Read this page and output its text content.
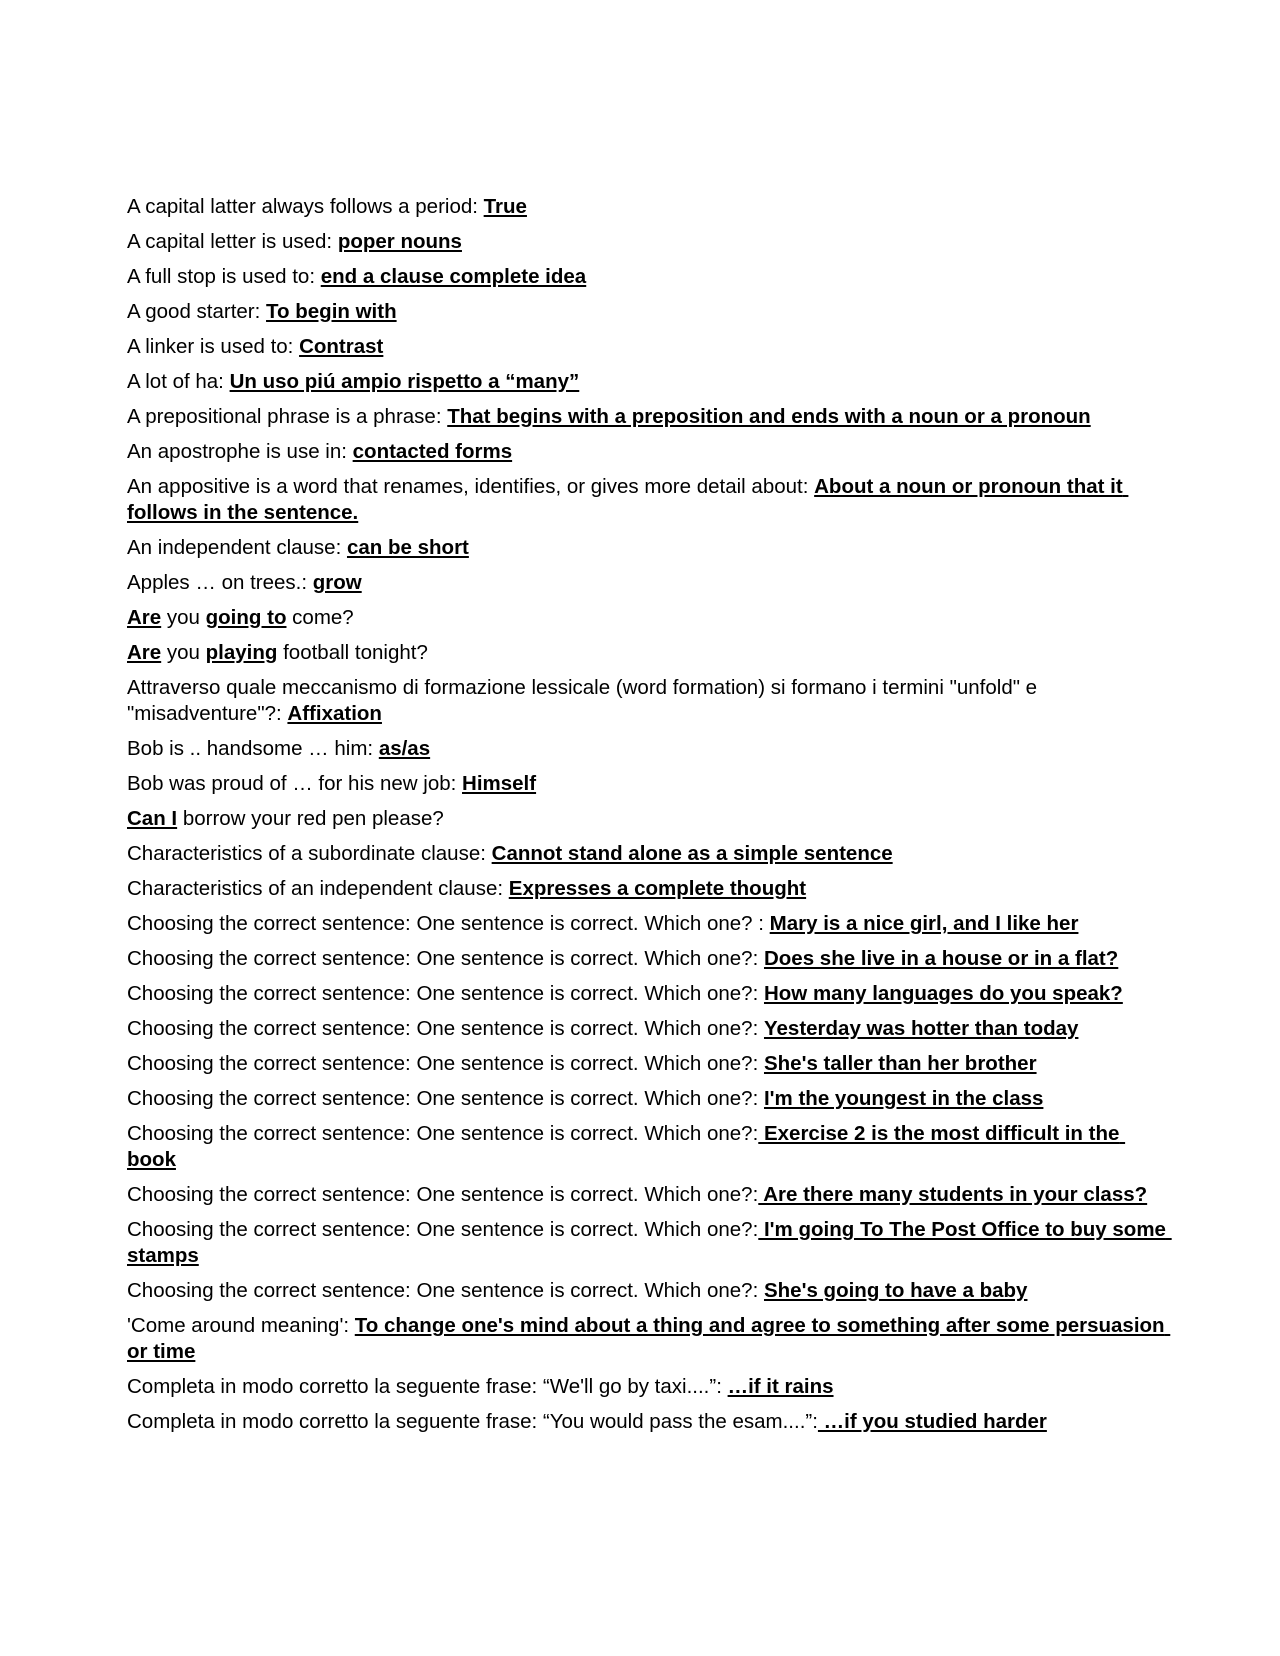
A capital latter always follows a period: True

A capital letter is used: poper nouns

A full stop is used to: end a clause complete idea

A good starter: To begin with

A linker is used to: Contrast

A lot of ha: Un uso piú ampio rispetto a “many”

A prepositional phrase is a phrase: That begins with a preposition and ends with a noun or a pronoun

An apostrophe is use in: contacted forms

An appositive is a word that renames, identifies, or gives more detail about: About a noun or pronoun that it follows in the sentence.

An independent clause: can be short

Apples … on trees.: grow

Are you going to come?

Are you playing football tonight?

Attraverso quale meccanismo di formazione lessicale (word formation) si formano i termini "unfold" e "misadventure"?: Affixation

Bob is .. handsome … him: as/as

Bob was proud of … for his new job: Himself

Can I borrow your red pen please?

Characteristics of a subordinate clause: Cannot stand alone as a simple sentence

Characteristics of an independent clause: Expresses a complete thought

Choosing the correct sentence: One sentence is correct. Which one? : Mary is a nice girl, and I like her

Choosing the correct sentence: One sentence is correct. Which one?: Does she live in a house or in a flat?

Choosing the correct sentence: One sentence is correct. Which one?: How many languages do you speak?

Choosing the correct sentence: One sentence is correct. Which one?: Yesterday was hotter than today

Choosing the correct sentence: One sentence is correct. Which one?: She's taller than her brother

Choosing the correct sentence: One sentence is correct. Which one?: I'm the youngest in the class

Choosing the correct sentence: One sentence is correct. Which one?: Exercise 2 is the most difficult in the book

Choosing the correct sentence: One sentence is correct. Which one?: Are there many students in your class?

Choosing the correct sentence: One sentence is correct. Which one?: I'm going To The Post Office to buy some stamps

Choosing the correct sentence: One sentence is correct. Which one?: She's going to have a baby

'Come around meaning': To change one's mind about a thing and agree to something after some persuasion or time

Completa in modo corretto la seguente frase: “We'll go by taxi....”: …if it rains

Completa in modo corretto la seguente frase: “You would pass the esam....”: …if you studied harder
